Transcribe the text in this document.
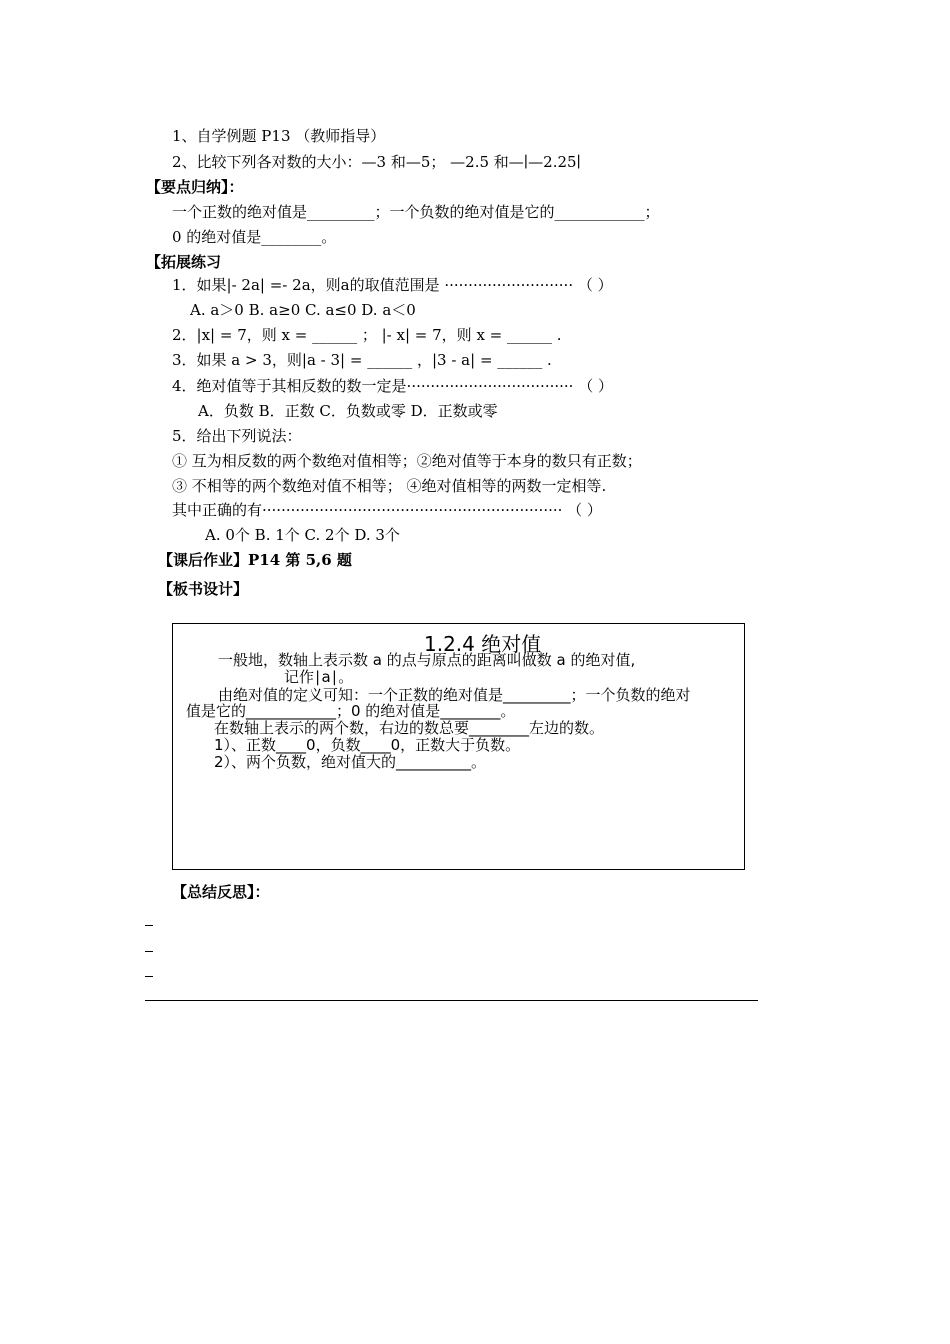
1、自学例题 P13 （教师指导）
2、比较下列各对数的大小：—3 和—5； —2.5 和—∣—2.25∣
【要点归纳】：
一个正数的绝对值是_________；一个负数的绝对值是它的____________；
0 的绝对值是________。
【拓展练习
1．如果|- 2a| =- 2a，则a的取值范围是 ··························· （ ）
A. a＞0 B. a≥0 C. a≤0 D. a＜0
2．|x| = 7，则 x = ______ ； |- x| = 7，则 x = ______ .
3．如果 a > 3，则|a - 3| = ______ ，|3 - a| = ______ .
4．绝对值等于其相反数的数一定是··································· （ ）
A．负数 B．正数 C．负数或零 D．正数或零
5．给出下列说法：
① 互为相反数的两个数绝对值相等；②绝对值等于本身的数只有正数；
③ 不相等的两个数绝对值不相等； ④绝对值相等的两数一定相等.
其中正确的有······························································· （ ）
A. 0个 B. 1个 C. 2个 D. 3个
【课后作业】P14 第 5,6 题
【板书设计】
1.2.4 绝对值
一般地，数轴上表示数 a 的点与原点的距离叫做数 a 的绝对值,
记作∣a∣。
由绝对值的定义可知：一个正数的绝对值是_________；一个负数的绝对
值是它的____________；0 的绝对值是________。
在数轴上表示的两个数，右边的数总要________左边的数。
1）、正数____0，负数____0，正数大于负数。
2）、两个负数，绝对值大的__________。
【总结反思】：
